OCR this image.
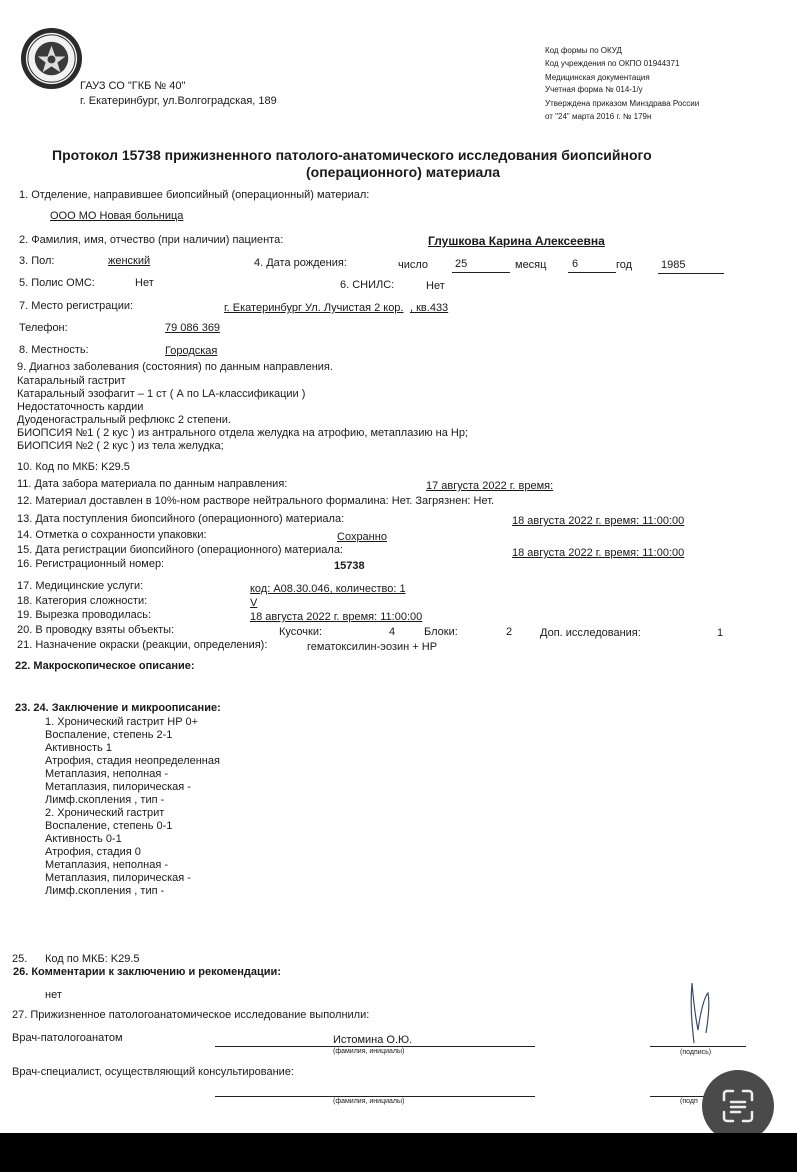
ГАУЗ СО "ГКБ № 40"
г. Екатеринбург, ул.Волгоградская, 189
Код формы по ОКУД
Код учреждения по ОКПО 01944371
Медицинская документация
Учетная форма № 014-1/у
Утверждена приказом Минздрава России
от "24" марта 2016 г. № 179н
Протокол 15738 прижизненного патолого-анатомического исследования биопсийного
(операционного) материала
1. Отделение, направившее биопсийный (операционный) материал:
ООО МО Новая больница
2. Фамилия, имя, отчество (при наличии) пациента:	Глушкова Карина Алексеевна
3. Пол:	женский	4. Дата рождения:	число 25	месяц 6	год	1985
5. Полис ОМС:	Нет	6. СНИЛС:	Нет
7. Место регистрации:	г. Екатеринбург Ул. Лучистая 2 кор. , кв.433
Телефон:	79 086 369
8. Местность:	Городская
9. Диагноз заболевания (состояния) по данным направления.
Катаральный гастрит
Катаральный эзофагит – 1 ст ( А по LA-классификации )
Недостаточность кардии
Дуоденогастральный рефлюкс 2 степени.
БИОПСИЯ №1 ( 2 кус ) из антрального отдела желудка на атрофию, метаплазию на Hp;
БИОПСИЯ №2 ( 2 кус ) из тела желудка;
10. Код по МКБ: K29.5
11. Дата забора материала по данным направления:	17 августа 2022 г. время:
12. Материал доставлен в 10%-ном растворе нейтрального формалина: Нет. Загрязнен: Нет.
13. Дата поступления биопсийного (операционного) материала:	18 августа 2022 г. время: 11:00:00
14. Отметка о сохранности упаковки:	Сохранно
15. Дата регистрации биопсийного (операционного) материала:	18 августа 2022 г. время: 11:00:00
16. Регистрационный номер:	15738
17. Медицинские услуги:	код: A08.30.046, количество: 1
18. Категория сложности:	V
19. Вырезка проводилась:	18 августа 2022 г. время: 11:00:00
20. В проводку взяты объекты:	Кусочки:	4	Блоки:	2	Доп. исследования:	1
21. Назначение окраски (реакции, определения):	гематоксилин-эозин + HP
22. Макроскопическое описание:
23. 24. Заключение и микроописание:
1. Хронический гастрит HP 0+
Воспаление, степень 2-1
Активность 1
Атрофия, стадия неопределенная
Метаплазия, неполная -
Метаплазия, пилорическая -
Лимф.скопления , тип -
2. Хронический гастрит
Воспаление, степень 0-1
Активность 0-1
Атрофия, стадия 0
Метаплазия, неполная -
Метаплазия, пилорическая -
Лимф.скопления , тип -
25. Код по МКБ: K29.5
26. Комментарии к заключению и рекомендации:
нет
27. Прижизненное патологоанатомическое исследование выполнили:
Врач-патологоанатом	Истомина О.Ю.
(фамилия, инициалы)	(подпись)
Врач-специалист, осуществляющий консультирование:
(фамилия, инициалы)	(подп
